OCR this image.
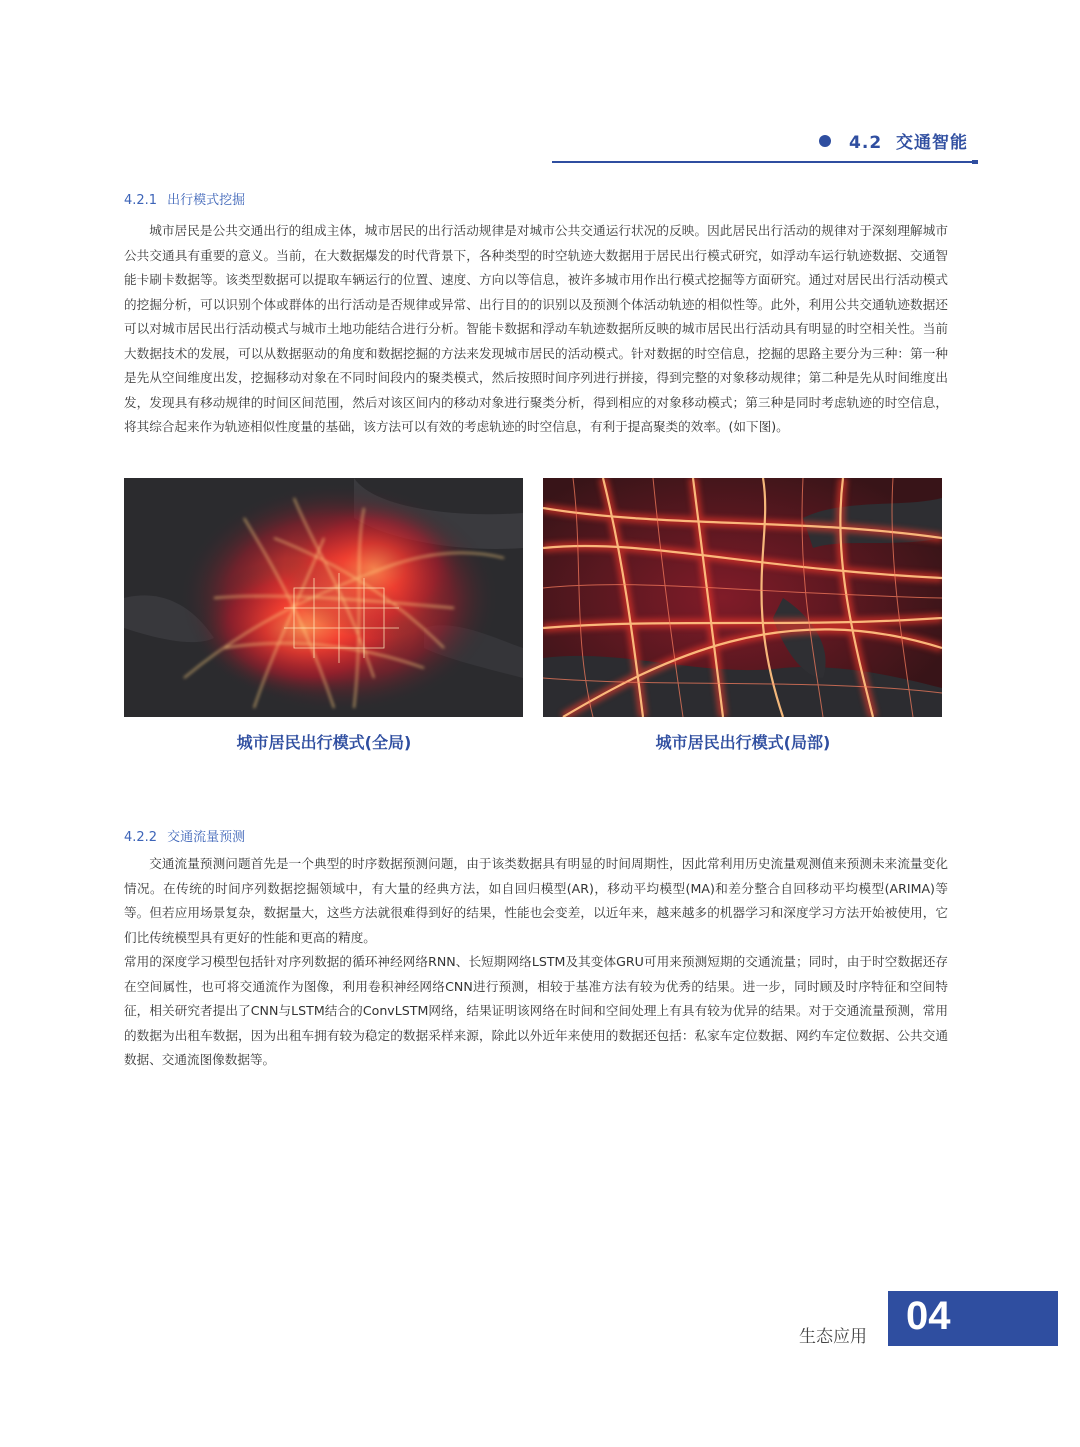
4.2 交通智能
4.2.1 出行模式挖掘

城市居民是公共交通出行的组成主体，城市居民的出行活动规律是对城市公共交通运行状况的反映。因此居民出行活动的规律对于深刻理解城市公共交通具有重要的意义。当前，在大数据爆发的时代背景下，各种类型的时空轨迹大数据用于居民出行模式研究，如浮动车运行轨迹数据、交通智能卡刷卡数据等。该类型数据可以提取车辆运行的位置、速度、方向以等信息，被许多城市用作出行模式挖掘等方面研究。通过对居民出行活动模式的挖掘分析，可以识别个体或群体的出行活动是否规律或异常、出行目的的识别以及预测个体活动轨迹的相似性等。此外，利用公共交通轨迹数据还可以对城市居民出行活动模式与城市土地功能结合进行分析。智能卡数据和浮动车轨迹数据所反映的城市居民出行活动具有明显的时空相关性。当前大数据技术的发展，可以从数据驱动的角度和数据挖掘的方法来发现城市居民的活动模式。针对数据的时空信息，挖掘的思路主要分为三种：第一种是先从空间维度出发，挖掘移动对象在不同时间段内的聚类模式，然后按照时间序列进行拼接，得到完整的对象移动规律；第二种是先从时间维度出发，发现具有移动规律的时间区间范围，然后对该区间内的移动对象进行聚类分析，得到相应的对象移动模式；第三种是同时考虑轨迹的时空信息，将其综合起来作为轨迹相似性度量的基础，该方法可以有效的考虑轨迹的时空信息，有利于提高聚类的效率。(如下图)。

城市居民出行模式(全局)	城市居民出行模式(局部)
4.2.2 交通流量预测

交通流量预测问题首先是一个典型的时序数据预测问题，由于该类数据具有明显的时间周期性，因此常利用历史流量观测值来预测未来流量变化情况。在传统的时间序列数据挖掘领域中，有大量的经典方法，如自回归模型(AR)，移动平均模型(MA)和差分整合自回移动平均模型(ARIMA)等等。但若应用场景复杂，数据量大，这些方法就很难得到好的结果，性能也会变差，以近年来，越来越多的机器学习和深度学习方法开始被使用，它们比传统模型具有更好的性能和更高的精度。

常用的深度学习模型包括针对序列数据的循环神经网络RNN、长短期网络LSTM及其变体GRU可用来预测短期的交通流量；同时，由于时空数据还存在空间属性，也可将交通流作为图像，利用卷积神经网络CNN进行预测，相较于基准方法有较为优秀的结果。进一步，同时顾及时序特征和空间特征，相关研究者提出了CNN与LSTM结合的ConvLSTM网络，结果证明该网络在时间和空间处理上有具有较为优异的结果。对于交通流量预测，常用的数据为出租车数据，因为出租车拥有较为稳定的数据采样来源，除此以外近年来使用的数据还包括：私家车定位数据、网约车定位数据、公共交通数据、交通流图像数据等。

生态应用 04
